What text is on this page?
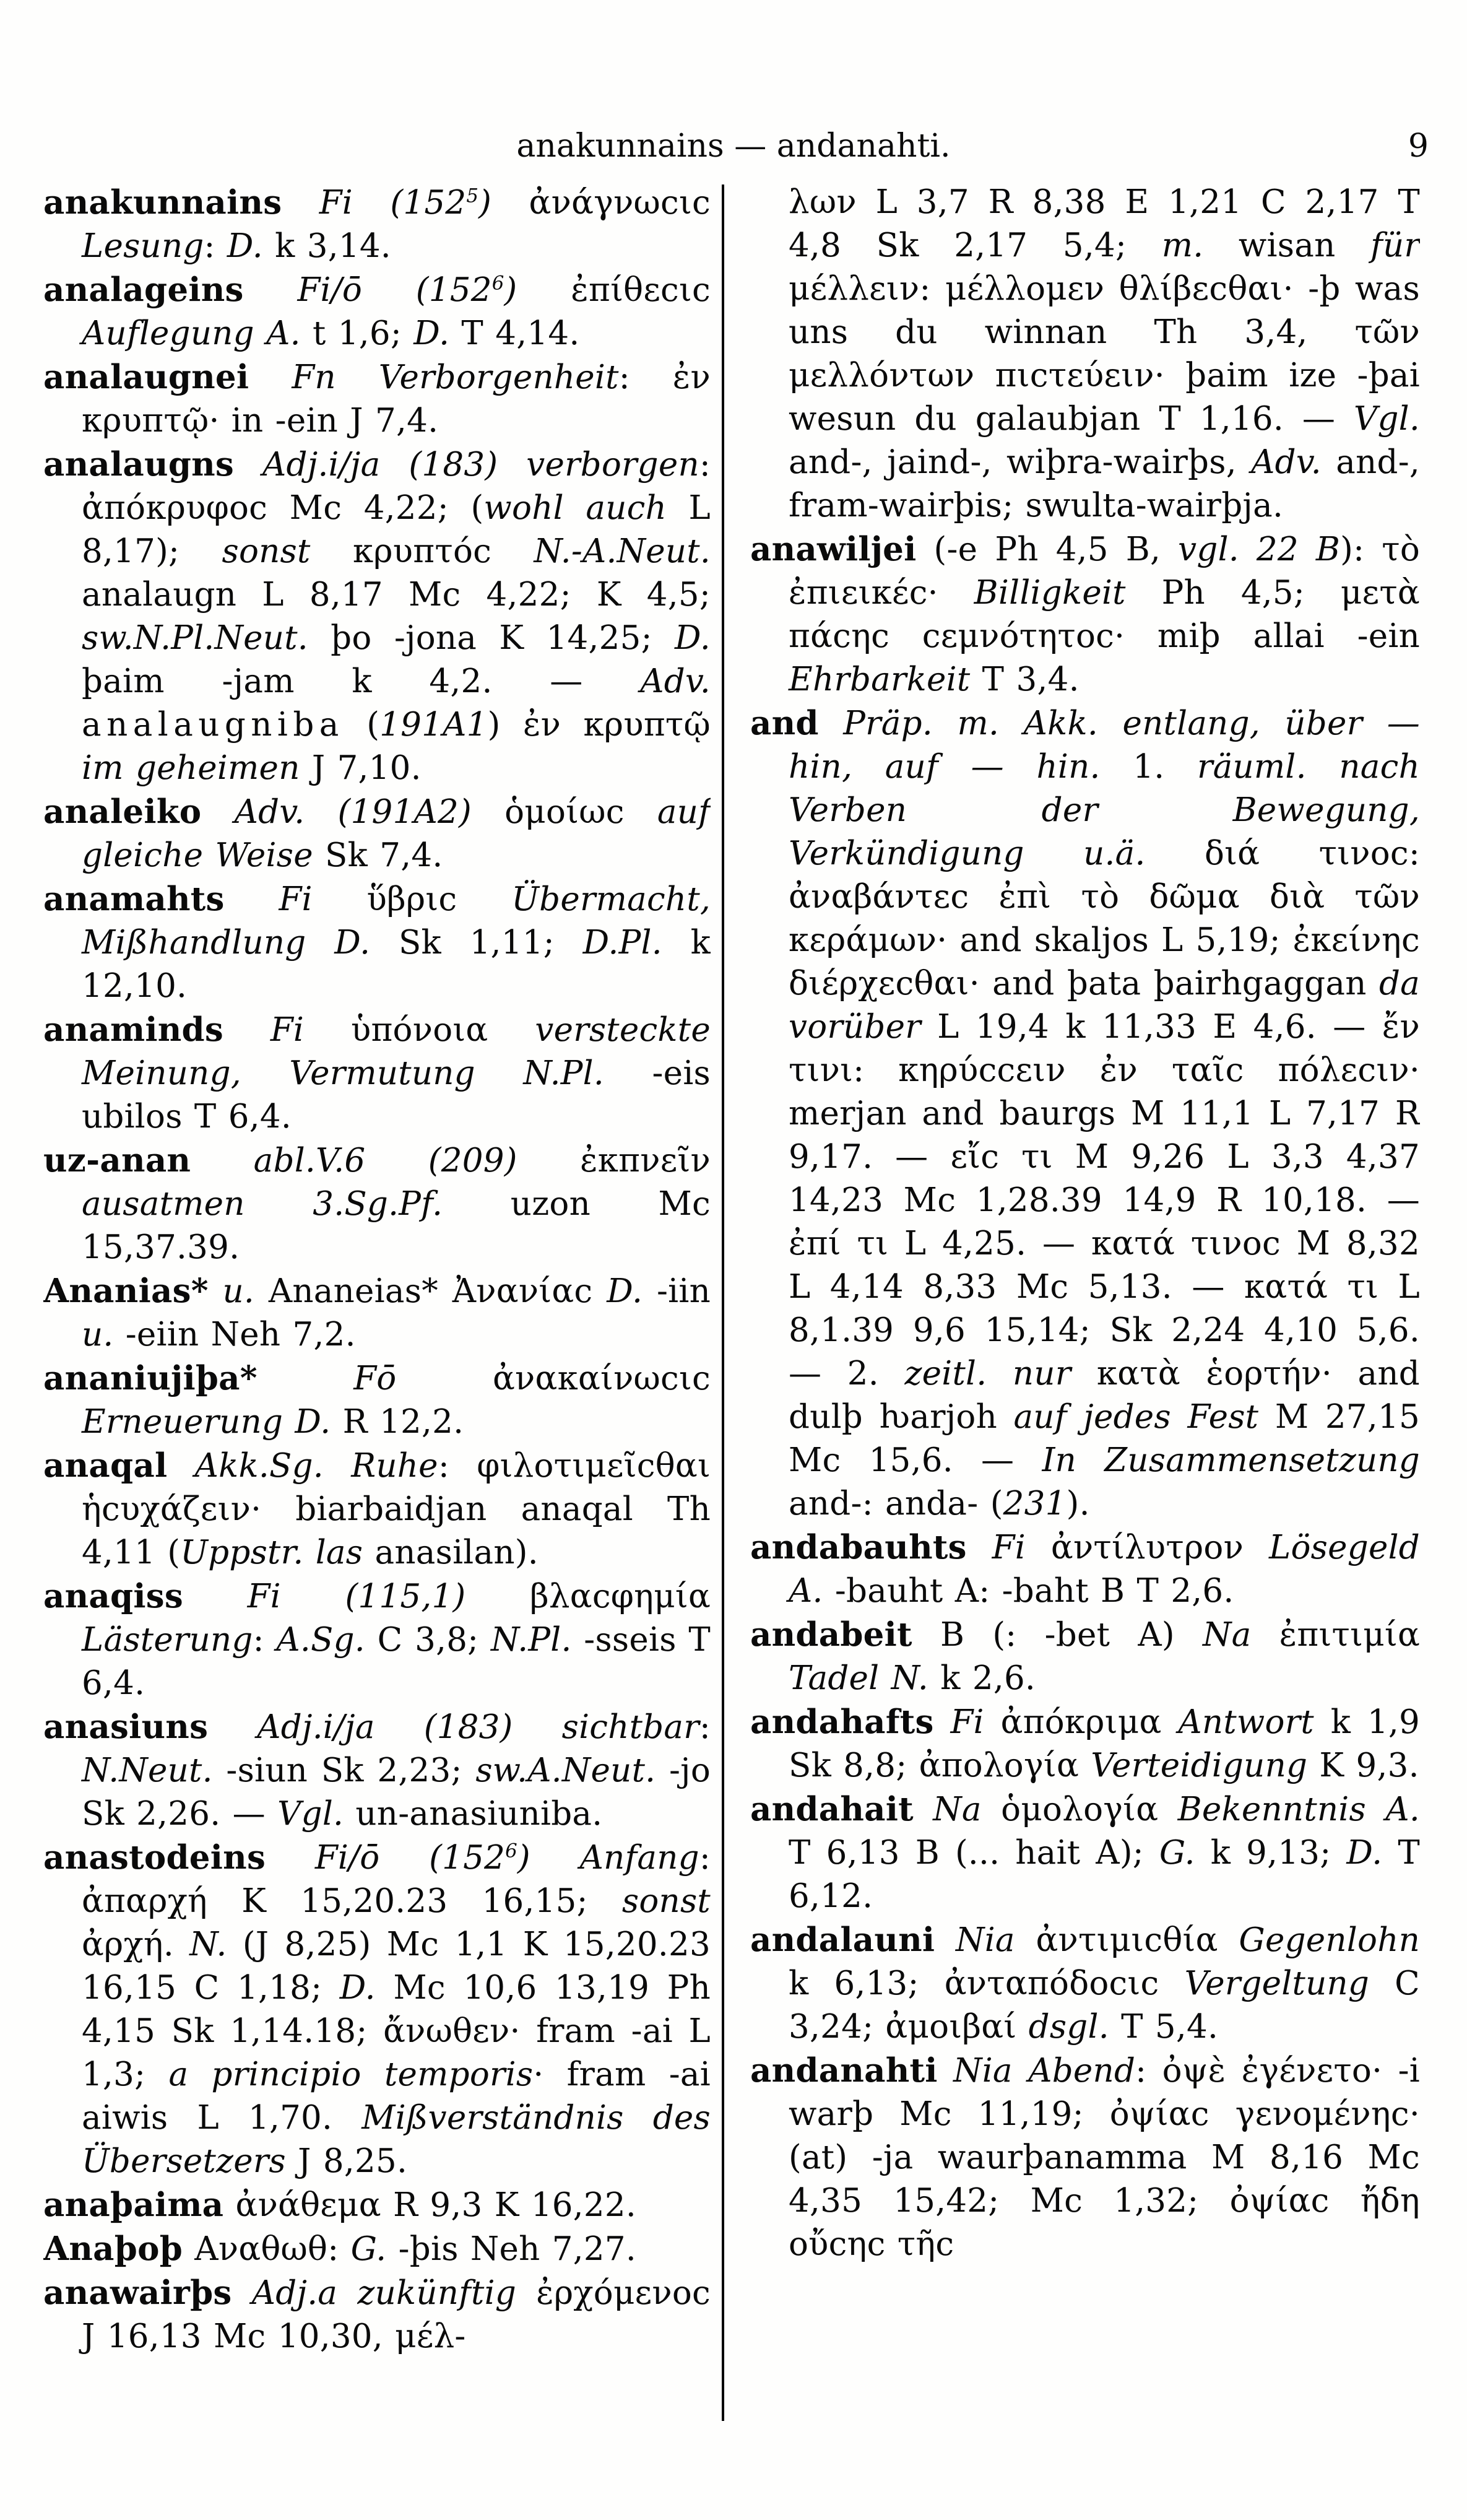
anakunnains — andanahti.	9

anakunnains Fi $(152^5)$ ἀνάγνωϲιϲ Lesung: D. k 3,14.

analageins Fi/ō $(152^6)$ ἐπίθεϲιϲ Auflegung A. t 1,6; D. T 4,14.

analaugnei Fn Verborgenheit: ἐν κρυπτῷ· in -ein J 7,4.

analaugns Adj.i/ja (183) verborgen: ἀπόκρυφοϲ Mc 4,22; (wohl auch L 8,17); sonst κρυπτόϲ N.-A.Neut. analaugn L 8,17 Mc 4,22; K 4,5; sw.N.Pl.Neut. þo -jona K 14,25; D. þaim -jam k 4,2. — Adv. analaugniba (191A1) ἐν κρυπτῷ im geheimen J 7,10.

analeiko Adv. (191A2) ὁμοίωϲ auf gleiche Weise Sk 7,4.

anamahts Fi ὕβριϲ Übermacht, Mißhandlung D. Sk 1,11; D.Pl. k 12,10.

anaminds Fi ὑπόνοια versteckte Meinung, Vermutung N.Pl. -eis ubilos T 6,4.

uz-anan abl.V.6 (209) ἐκπνεῖν ausatmen 3.Sg.Pf. uzon Mc 15,37.39.

Ananias* u. Ananeias* Ἀνανίαϲ D. -iin u. -eiin Neh 7,2.

ananiujiþa* Fō ἀνακαίνωϲιϲ Erneuerung D. R 12,2.

anaqal Akk.Sg. Ruhe: φιλοτιμεῖϲθαι ἡϲυχάζειν· biarbaidjan anaqal Th 4,11 (Uppstr. las anasilan).

anaqiss Fi (115,1) βλαϲφημία Lästerung: A.Sg. C 3,8; N.Pl. -sseis T 6,4.

anasiuns Adj.i/ja (183) sichtbar: N.Neut. -siun Sk 2,23; sw.A.Neut. -jo Sk 2,26. — Vgl. un-anasiuniba.

anastodeins Fi/ō $(152^6)$ Anfang: ἀπαρχή K 15,20.23 16,15; sonst ἀρχή. N. (J 8,25) Mc 1,1 K 15,20.23 16,15 C 1,18; D. Mc 10,6 13,19 Ph 4,15 Sk 1,14.18; ἄνωθεν· fram -ai L 1,3; a principio temporis· fram -ai aiwis L 1,70. Mißverständnis des Übersetzers J 8,25.

anaþaima ἀνάθεμα R 9,3 K 16,22.

Anaþoþ Αναθωθ: G. -þis Neh 7,27.

anawairþs Adj.a zukünftig ἐρχόμενοϲ J 16,13 Mc 10,30, μέλ-

λων L 3,7 R 8,38 E 1,21 C 2,17 T 4,8 Sk 2,17 5,4; m. wisan für μέλλειν: μέλλομεν θλίβεϲθαι· -þ was uns du winnan Th 3,4, τῶν μελλόντων πιϲτεύειν· þaim ize -þai wesun du galaubjan T 1,16. — Vgl. and-, jaind-, wiþra-wairþs, Adv. and-, fram-wairþis; swulta-wairþja.

anawiljei (-e Ph 4,5 B, vgl. 22 B): τὸ ἐπιεικέϲ· Billigkeit Ph 4,5; μετὰ πάϲηϲ ϲεμνότητοϲ· miþ allai -ein Ehrbarkeit T 3,4.

and Präp. m. Akk. entlang, über — hin, auf — hin. 1. räuml. nach Verben der Bewegung, Verkündigung u.ä. διά τινοϲ: ἀναβάντεϲ ἐπὶ τὸ δῶμα διὰ τῶν κεράμων· and skaljos L 5,19; ἐκείνηϲ διέρχεϲθαι· and þata þairhgaggan da vorüber L 19,4 k 11,33 E 4,6. — ἔν τινι: κηρύϲϲειν ἐν ταῖϲ πόλεϲιν· merjan and baurgs M 11,1 L 7,17 R 9,17. — εἴϲ τι M 9,26 L 3,3 4,37 14,23 Mc 1,28.39 14,9 R 10,18. — ἐπί τι L 4,25. — κατά τινοϲ M 8,32 L 4,14 8,33 Mc 5,13. — κατά τι L 8,1.39 9,6 15,14; Sk 2,24 4,10 5,6. — 2. zeitl. nur κατὰ ἑορτήν· and dulþ ƕarjoh auf jedes Fest M 27,15 Mc 15,6. — In Zusammensetzung and-: anda- (231).

andabauhts Fi ἀντίλυτρον Lösegeld A. -bauht A: -baht B T 2,6.

andabeit B (: -bet A) Na ἐπιτιμία Tadel N. k 2,6.

andahafts Fi ἀπόκριμα Antwort k 1,9 Sk 8,8; ἀπολογία Verteidigung K 9,3.

andahait Na ὁμολογία Bekenntnis A. T 6,13 B (... hait A); G. k 9,13; D. T 6,12.

andalauni Nia ἀντιμιϲθία Gegenlohn k 6,13; ἀνταπόδοϲιϲ Vergeltung C 3,24; ἀμοιβαί dsgl. T 5,4.

andanahti Nia Abend: ὀψὲ ἐγένετο· -i warþ Mc 11,19; ὀψίαϲ γενομένηϲ· (at) -ja waurþanamma M 8,16 Mc 4,35 15,42; Mc 1,32; ὀψίαϲ ἤδη οὔϲηϲ τῆϲ
